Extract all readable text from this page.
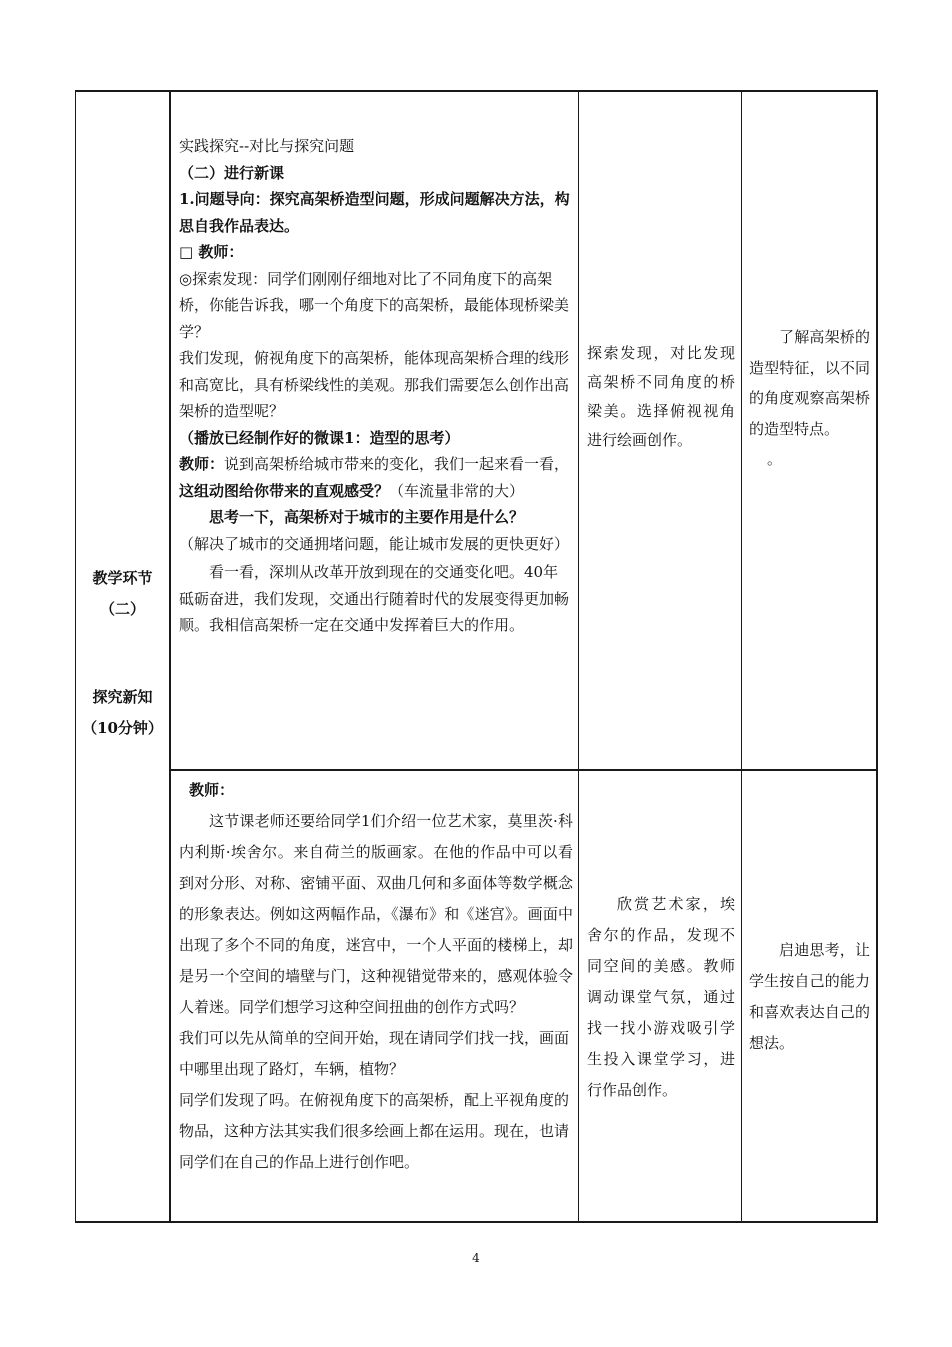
教学环节

（二）

探究新知

（10分钟）

实践探究--对比与探究问题

（二）进行新课

1.问题导向：探究高架桥造型问题，形成问题解决方法，构思自我作品表达。

□ 教师：

◎探索发现：同学们刚刚仔细地对比了不同角度下的高架桥，你能告诉我，哪一个角度下的高架桥，最能体现桥梁美学？

我们发现，俯视角度下的高架桥，能体现高架桥合理的线形和高宽比，具有桥梁线性的美观。那我们需要怎么创作出高架桥的造型呢？

（播放已经制作好的微课1：造型的思考）

教师：说到高架桥给城市带来的变化，我们一起来看一看，这组动图给你带来的直观感受？（车流量非常的大）

思考一下，高架桥对于城市的主要作用是什么？

（解决了城市的交通拥堵问题，能让城市发展的更快更好）

看一看，深圳从改革开放到现在的交通变化吧。40年砥砺奋进，我们发现，交通出行随着时代的发展变得更加畅顺。我相信高架桥一定在交通中发挥着巨大的作用。

探索发现，对比发现高架桥不同角度的桥梁美。选择俯视视角进行绘画创作。

了解高架桥的造型特征，以不同的角度观察高架桥的造型特点。

。

教师：

这节课老师还要给同学1们介绍一位艺术家，莫里茨·科内利斯·埃舍尔。来自荷兰的版画家。在他的作品中可以看到对分形、对称、密铺平面、双曲几何和多面体等数学概念的形象表达。例如这两幅作品，《瀑布》和《迷宫》。画面中出现了多个不同的角度，迷宫中，一个人平面的楼梯上，却是另一个空间的墙壁与门，这种视错觉带来的，感观体验令人着迷。同学们想学习这种空间扭曲的创作方式吗？

我们可以先从简单的空间开始，现在请同学们找一找，画面中哪里出现了路灯，车辆，植物？

同学们发现了吗。在俯视角度下的高架桥，配上平视角度的物品，这种方法其实我们很多绘画上都在运用。现在，也请同学们在自己的作品上进行创作吧。

欣赏艺术家，埃舍尔的作品，发现不同空间的美感。教师调动课堂气氛，通过找一找小游戏吸引学生投入课堂学习，进行作品创作。

启迪思考，让学生按自己的能力和喜欢表达自己的想法。

4
